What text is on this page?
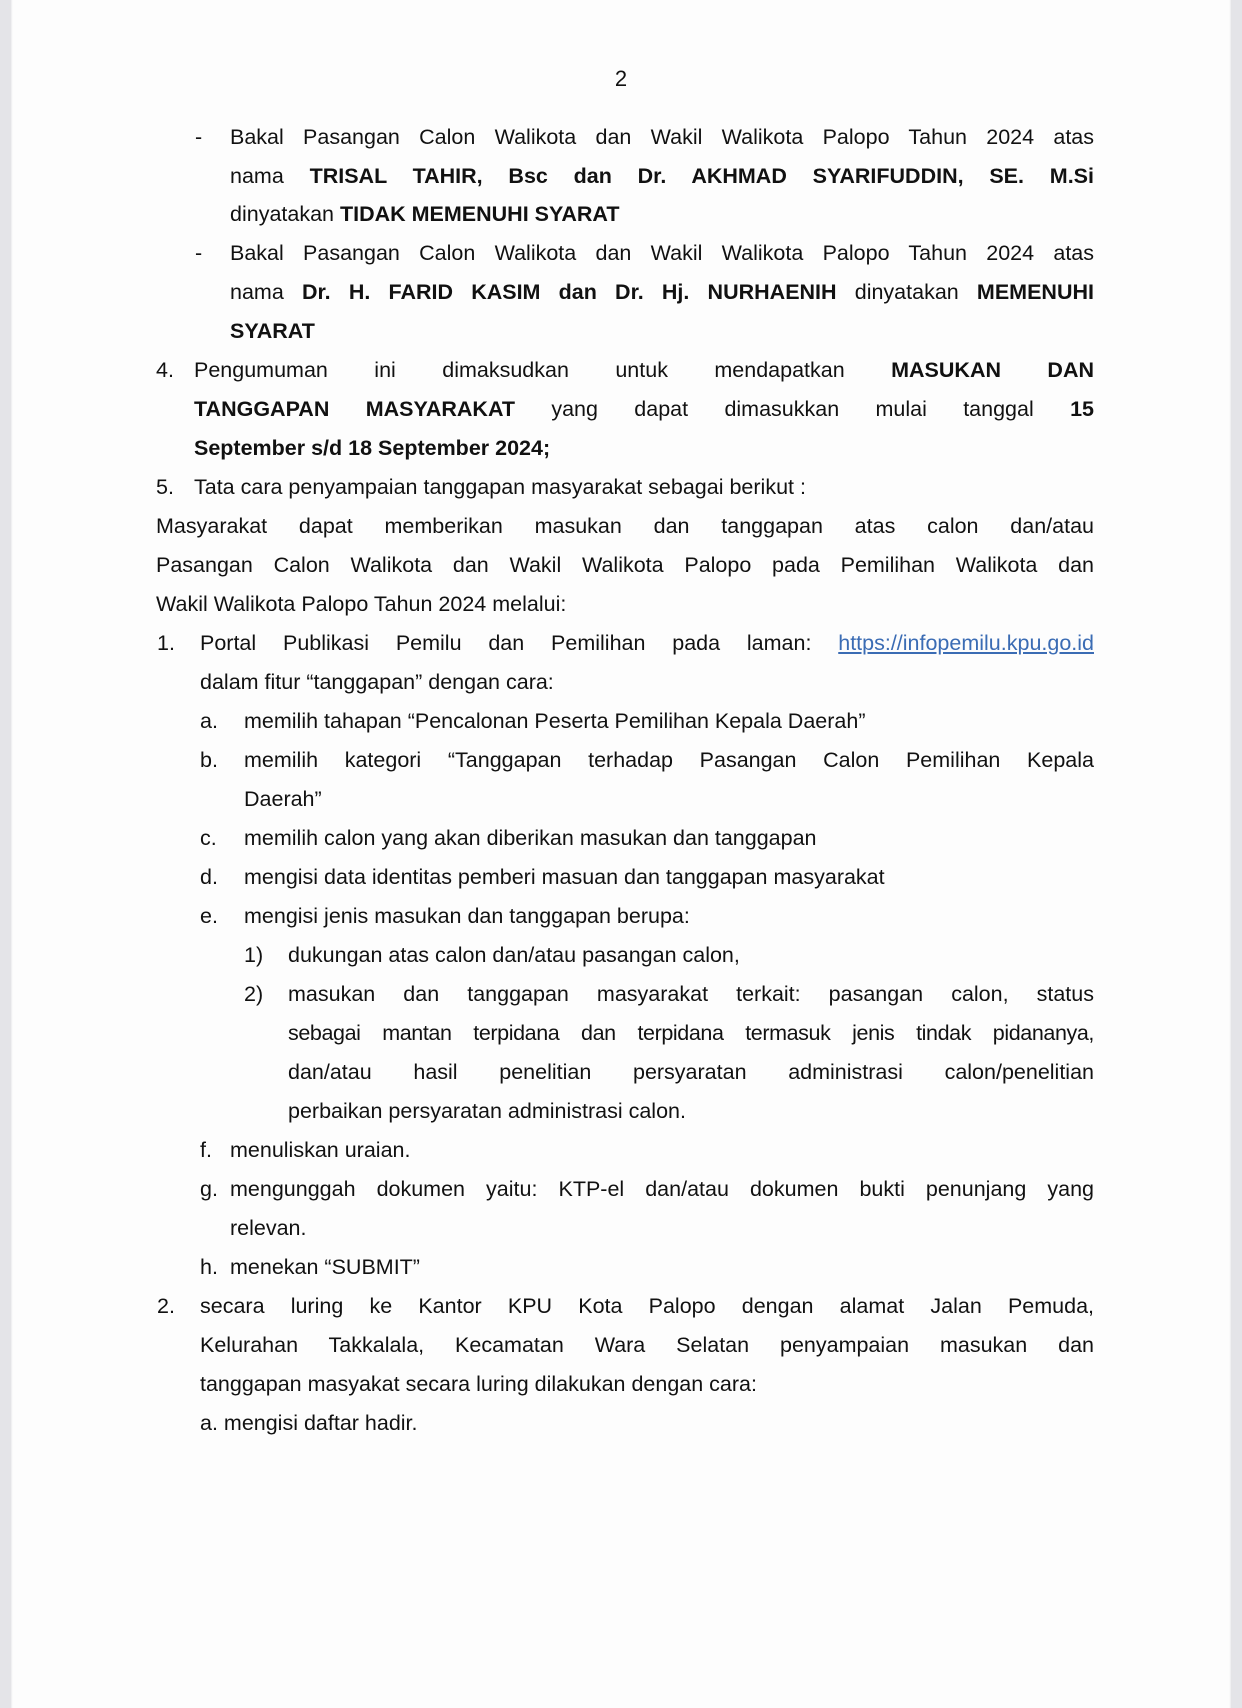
2
- Bakal Pasangan Calon Walikota dan Wakil Walikota Palopo Tahun 2024 atas
nama TRISAL TAHIR, Bsc dan Dr. AKHMAD SYARIFUDDIN, SE. M.Si
dinyatakan TIDAK MEMENUHI SYARAT
- Bakal Pasangan Calon Walikota dan Wakil Walikota Palopo Tahun 2024 atas
nama Dr. H. FARID KASIM dan Dr. Hj. NURHAENIH dinyatakan MEMENUHI
SYARAT
4. Pengumuman ini dimaksudkan untuk mendapatkan MASUKAN DAN
TANGGAPAN MASYARAKAT yang dapat dimasukkan mulai tanggal 15
September s/d 18 September 2024;
5. Tata cara penyampaian tanggapan masyarakat sebagai berikut :
Masyarakat dapat memberikan masukan dan tanggapan atas calon dan/atau
Pasangan Calon Walikota dan Wakil Walikota Palopo pada Pemilihan Walikota dan
Wakil Walikota Palopo Tahun 2024 melalui:
1. Portal Publikasi Pemilu dan Pemilihan pada laman: https://infopemilu.kpu.go.id
dalam fitur “tanggapan” dengan cara:
a. memilih tahapan “Pencalonan Peserta Pemilihan Kepala Daerah”
b. memilih kategori “Tanggapan terhadap Pasangan Calon Pemilihan Kepala
Daerah”
c. memilih calon yang akan diberikan masukan dan tanggapan
d. mengisi data identitas pemberi masuan dan tanggapan masyarakat
e. mengisi jenis masukan dan tanggapan berupa:
1) dukungan atas calon dan/atau pasangan calon,
2) masukan dan tanggapan masyarakat terkait: pasangan calon, status
sebagai mantan terpidana dan terpidana termasuk jenis tindak pidananya,
dan/atau hasil penelitian persyaratan administrasi calon/penelitian
perbaikan persyaratan administrasi calon.
f. menuliskan uraian.
g. mengunggah dokumen yaitu: KTP-el dan/atau dokumen bukti penunjang yang
relevan.
h. menekan “SUBMIT”
2. secara luring ke Kantor KPU Kota Palopo dengan alamat Jalan Pemuda,
Kelurahan Takkalala, Kecamatan Wara Selatan penyampaian masukan dan
tanggapan masyakat secara luring dilakukan dengan cara:
a. mengisi daftar hadir.
